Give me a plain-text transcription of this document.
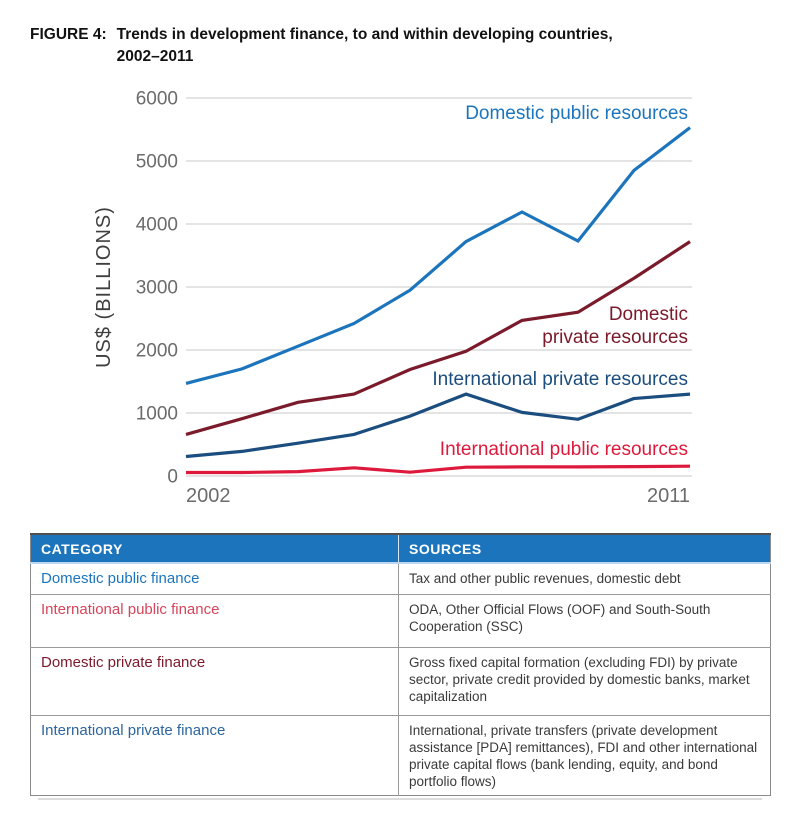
FIGURE 4: Trends in development finance, to and within developing countries,
2002–2011
0
1000
2000
3000
4000
5000
6000
2002	2011
US$ (BILLIONS)
Domestic public resources
Domestic
private resources
International private resources
International public resources
CATEGORY	SOURCES
Domestic public finance	Tax and other public revenues, domestic debt
International public finance	ODA, Other Official Flows (OOF) and South-South Cooperation (SSC)
Domestic private finance	Gross fixed capital formation (excluding FDI) by private sector, private credit provided by domestic banks, market capitalization
International private finance	International, private transfers (private development assistance [PDA] remittances), FDI and other international private capital flows (bank lending, equity, and bond portfolio flows)
